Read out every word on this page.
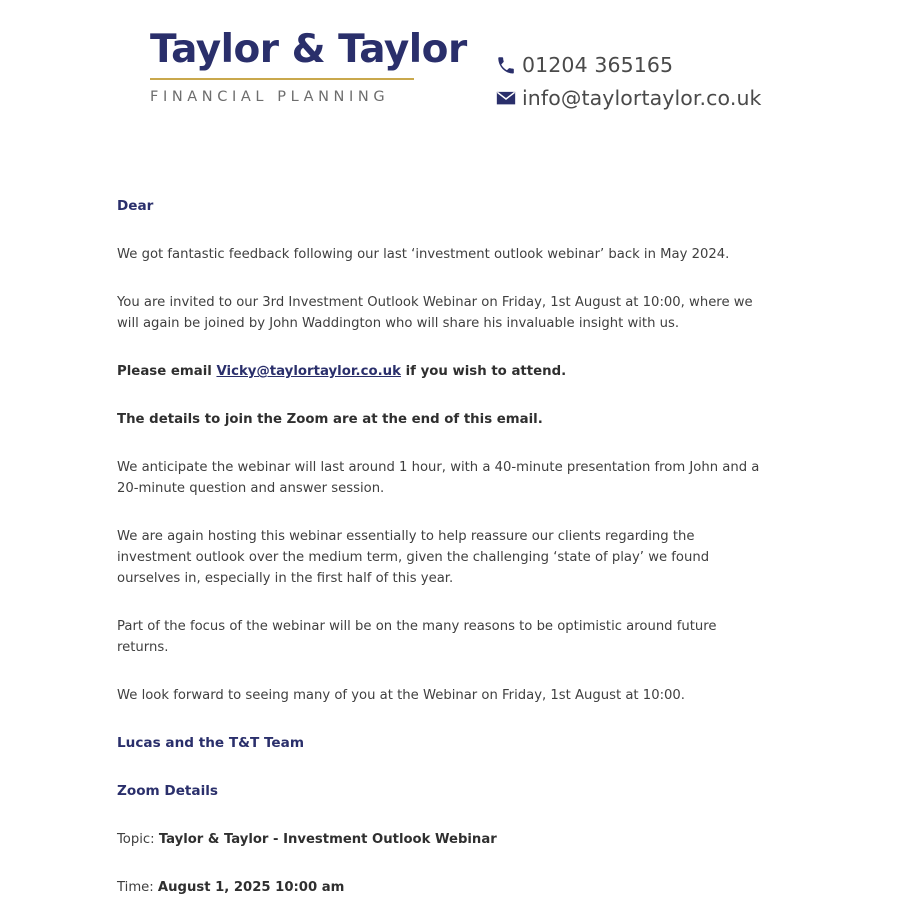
Taylor & Taylor
FINANCIAL PLANNING
01204 365165
info@taylortaylor.co.uk
Dear

We got fantastic feedback following our last ‘investment outlook webinar’ back in May 2024.

You are invited to our 3rd Investment Outlook Webinar on Friday, 1st August at 10:00, where we will again be joined by John Waddington who will share his invaluable insight with us.

Please email Vicky@taylortaylor.co.uk if you wish to attend.

The details to join the Zoom are at the end of this email.

We anticipate the webinar will last around 1 hour, with a 40-minute presentation from John and a 20-minute question and answer session.

We are again hosting this webinar essentially to help reassure our clients regarding the investment outlook over the medium term, given the challenging ‘state of play’ we found ourselves in, especially in the first half of this year.

Part of the focus of the webinar will be on the many reasons to be optimistic around future returns.

We look forward to seeing many of you at the Webinar on Friday, 1st August at 10:00.

Lucas and the T&T Team
Zoom Details

Topic: Taylor & Taylor - Investment Outlook Webinar

Time: August 1, 2025 10:00 am
